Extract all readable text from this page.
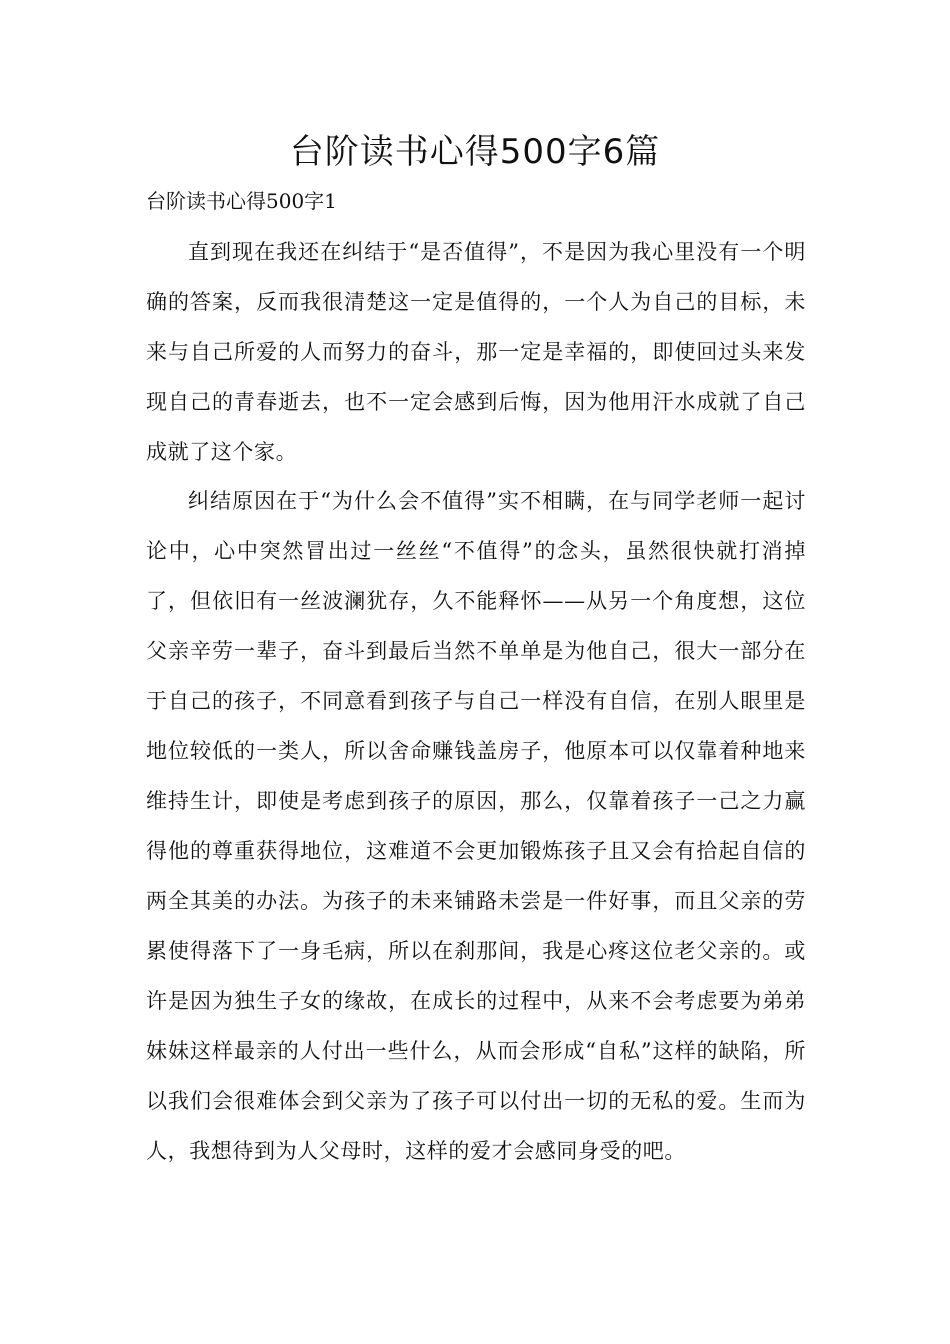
台阶读书心得500字6篇
台阶读书心得500字1

直到现在我还在纠结于“是否值得”，不是因为我心里没有一个明确的答案，反而我很清楚这一定是值得的，一个人为自己的目标，未来与自己所爱的人而努力的奋斗，那一定是幸福的，即使回过头来发现自己的青春逝去，也不一定会感到后悔，因为他用汗水成就了自己成就了这个家。

纠结原因在于“为什么会不值得”实不相瞒，在与同学老师一起讨论中，心中突然冒出过一丝丝“不值得”的念头，虽然很快就打消掉了，但依旧有一丝波澜犹存，久不能释怀——从另一个角度想，这位父亲辛劳一辈子，奋斗到最后当然不单单是为他自己，很大一部分在于自己的孩子，不同意看到孩子与自己一样没有自信，在别人眼里是地位较低的一类人，所以舍命赚钱盖房子，他原本可以仅靠着种地来维持生计，即使是考虑到孩子的原因，那么，仅靠着孩子一己之力赢得他的尊重获得地位，这难道不会更加锻炼孩子且又会有拾起自信的两全其美的办法。为孩子的未来铺路未尝是一件好事，而且父亲的劳累使得落下了一身毛病，所以在刹那间，我是心疼这位老父亲的。或许是因为独生子女的缘故，在成长的过程中，从来不会考虑要为弟弟妹妹这样最亲的人付出一些什么，从而会形成“自私”这样的缺陷，所以我们会很难体会到父亲为了孩子可以付出一切的无私的爱。生而为人，我想待到为人父母时，这样的爱才会感同身受的吧。
